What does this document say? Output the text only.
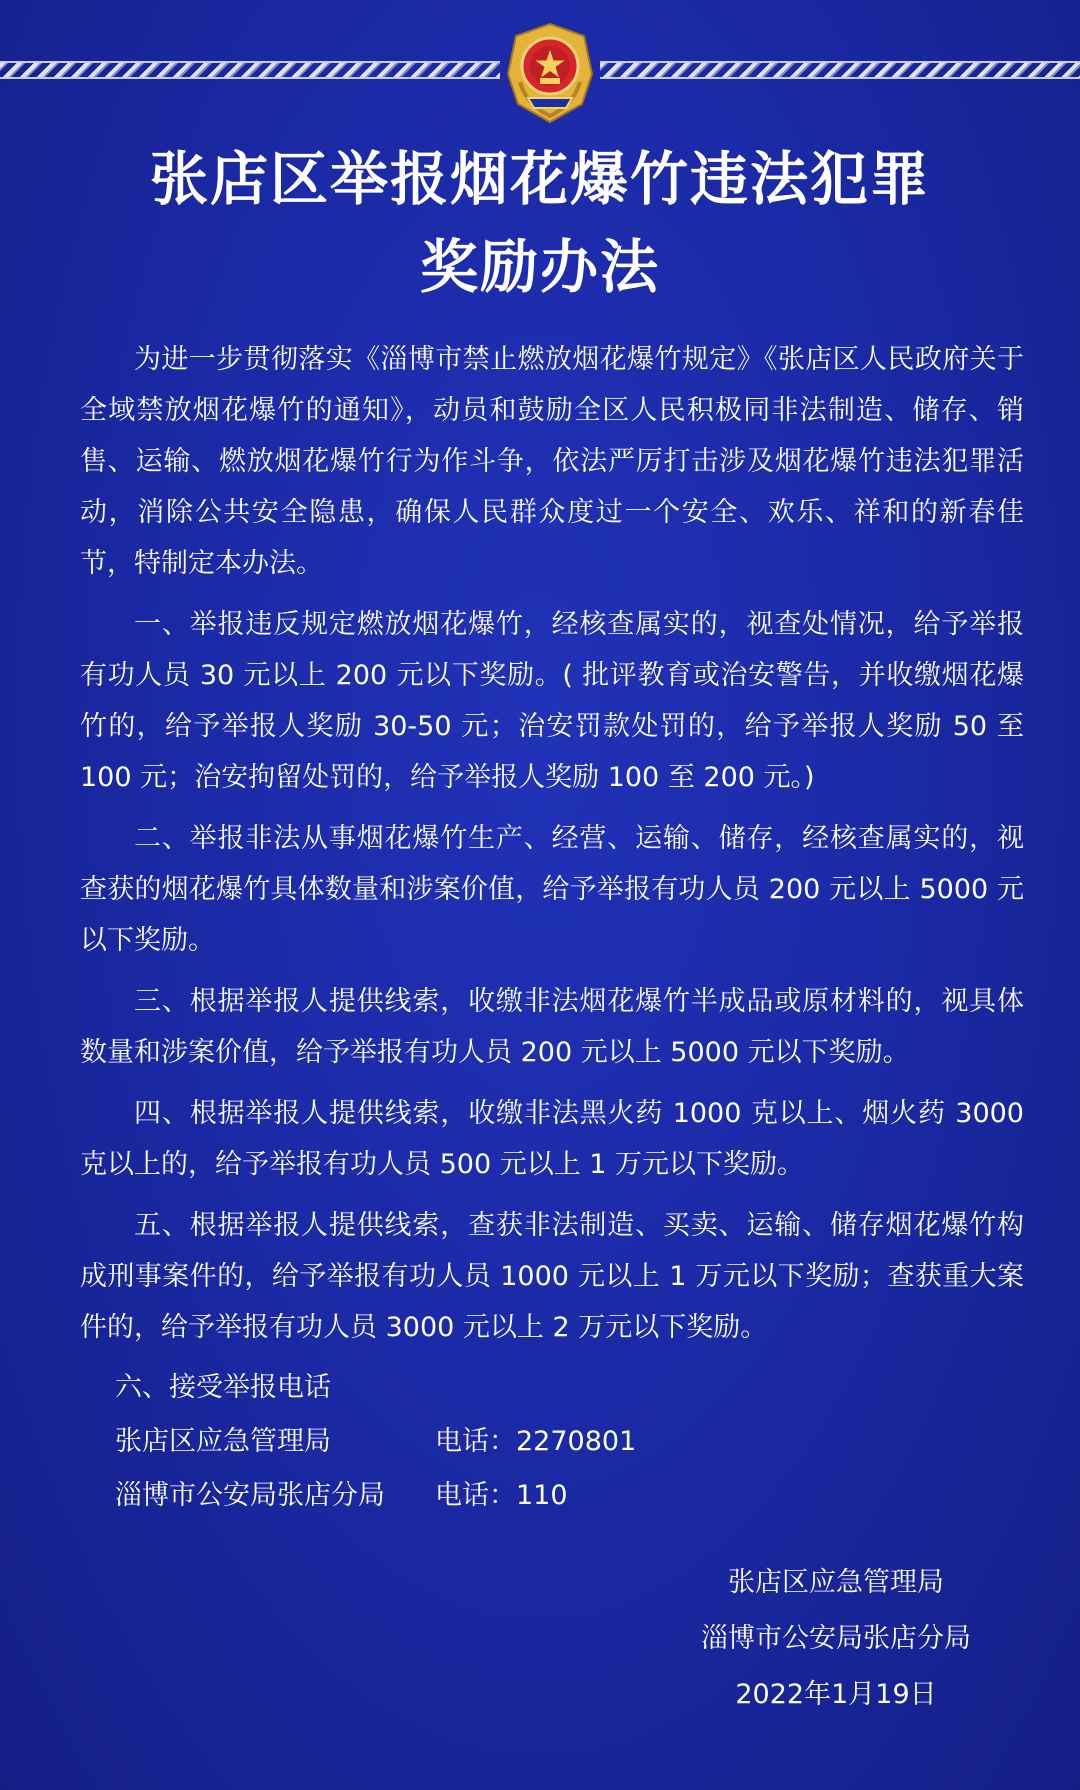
张店区举报烟花爆竹违法犯罪
奖励办法

为进一步贯彻落实《淄博市禁止燃放烟花爆竹规定》《张店区人民政府关于全域禁放烟花爆竹的通知》，动员和鼓励全区人民积极同非法制造、储存、销售、运输、燃放烟花爆竹行为作斗争，依法严厉打击涉及烟花爆竹违法犯罪活动，消除公共安全隐患，确保人民群众度过一个安全、欢乐、祥和的新春佳节，特制定本办法。

一、举报违反规定燃放烟花爆竹，经核查属实的，视查处情况，给予举报有功人员 30 元以上 200 元以下奖励。( 批评教育或治安警告，并收缴烟花爆竹的，给予举报人奖励 30-50 元；治安罚款处罚的，给予举报人奖励 50 至 100 元；治安拘留处罚的，给予举报人奖励 100 至 200 元。)

二、举报非法从事烟花爆竹生产、经营、运输、储存，经核查属实的，视查获的烟花爆竹具体数量和涉案价值，给予举报有功人员 200 元以上 5000 元以下奖励。

三、根据举报人提供线索，收缴非法烟花爆竹半成品或原材料的，视具体数量和涉案价值，给予举报有功人员 200 元以上 5000 元以下奖励。

四、根据举报人提供线索，收缴非法黑火药 1000 克以上、烟火药 3000 克以上的，给予举报有功人员 500 元以上 1 万元以下奖励。

五、根据举报人提供线索，查获非法制造、买卖、运输、储存烟花爆竹构成刑事案件的，给予举报有功人员 1000 元以上 1 万元以下奖励；查获重大案件的，给予举报有功人员 3000 元以上 2 万元以下奖励。

六、接受举报电话
张店区应急管理局	电话：2270801
淄博市公安局张店分局	电话：110
张店区应急管理局
淄博市公安局张店分局
2022年1月19日
